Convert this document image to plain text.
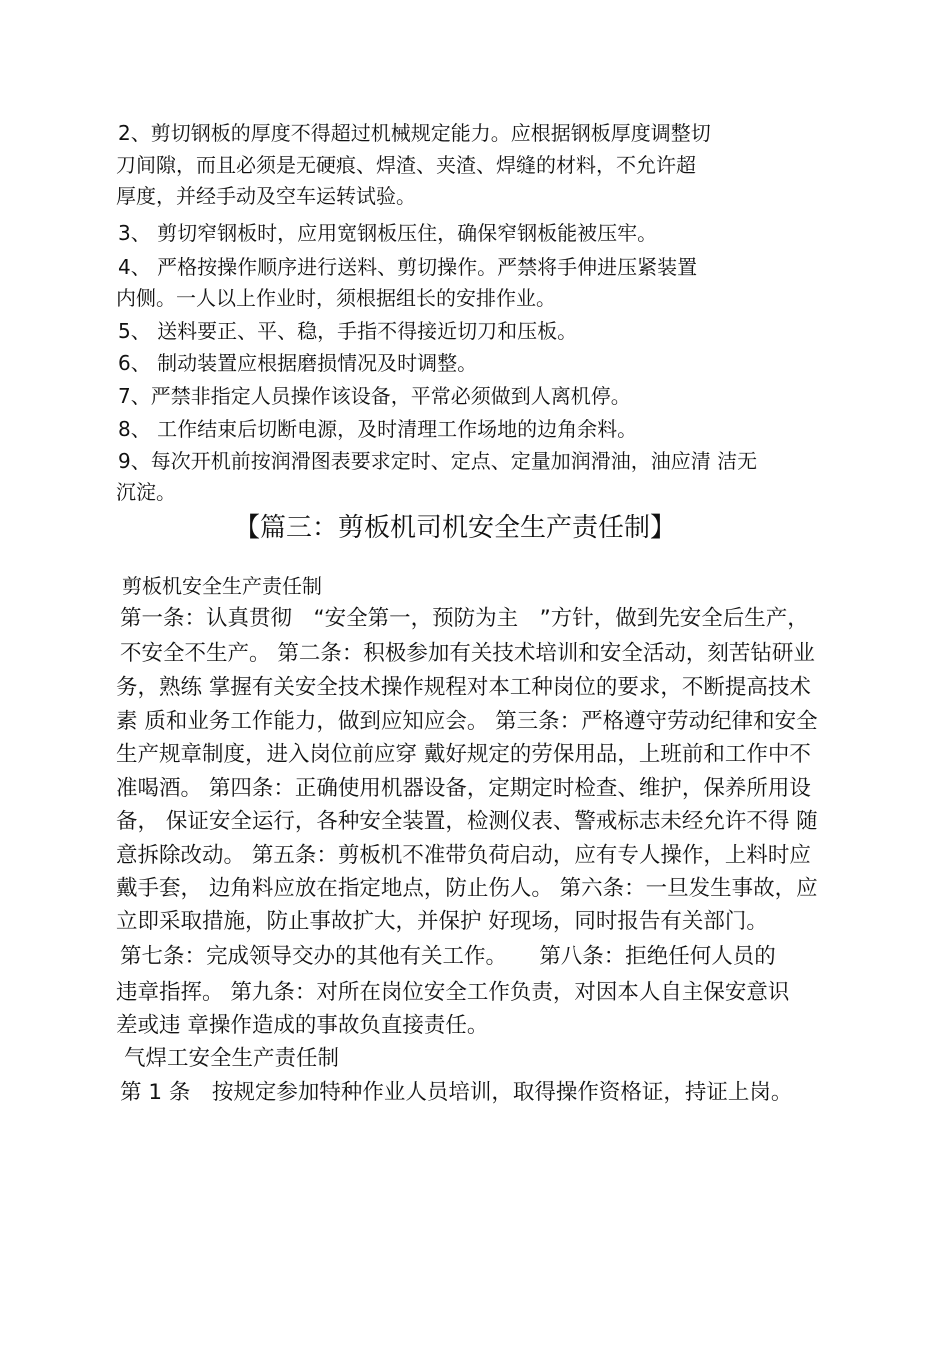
2、剪切钢板的厚度不得超过机械规定能力。应根据钢板厚度调整切
刀间隙，而且必须是无硬痕、焊渣、夹渣、焊缝的材料，不允许超
厚度，并经手动及空车运转试验。
3、 剪切窄钢板时，应用宽钢板压住，确保窄钢板能被压牢。
4、 严格按操作顺序进行送料、剪切操作。严禁将手伸进压紧装置
内侧。一人以上作业时，须根据组长的安排作业。
5、 送料要正、平、稳，手指不得接近切刀和压板。
6、 制动装置应根据磨损情况及时调整。
7、严禁非指定人员操作该设备，平常必须做到人离机停。
8、 工作结束后切断电源，及时清理工作场地的边角余料。
9、每次开机前按润滑图表要求定时、定点、定量加润滑油，油应清 洁无
沉淀。
【篇三：剪板机司机安全生产责任制】
剪板机安全生产责任制
第一条：认真贯彻　“安全第一，预防为主　”方针，做到先安全后生产，
不安全不生产。 第二条：积极参加有关技术培训和安全活动，刻苦钻研业
务，熟练 掌握有关安全技术操作规程对本工种岗位的要求，不断提高技术
素 质和业务工作能力，做到应知应会。 第三条：严格遵守劳动纪律和安全
生产规章制度，进入岗位前应穿 戴好规定的劳保用品，上班前和工作中不
准喝酒。 第四条：正确使用机器设备，定期定时检查、维护，保养所用设
备， 保证安全运行，各种安全装置，检测仪表、警戒标志未经允许不得 随
意拆除改动。 第五条：剪板机不准带负荷启动，应有专人操作，上料时应
戴手套， 边角料应放在指定地点，防止伤人。 第六条：一旦发生事故，应
立即采取措施，防止事故扩大，并保护 好现场，同时报告有关部门。
第七条：完成领导交办的其他有关工作。　　第八条：拒绝任何人员的
违章指挥。 第九条：对所在岗位安全工作负责，对因本人自主保安意识
差或违 章操作造成的事故负直接责任。
气焊工安全生产责任制
第 1 条　按规定参加特种作业人员培训，取得操作资格证，持证上岗。
